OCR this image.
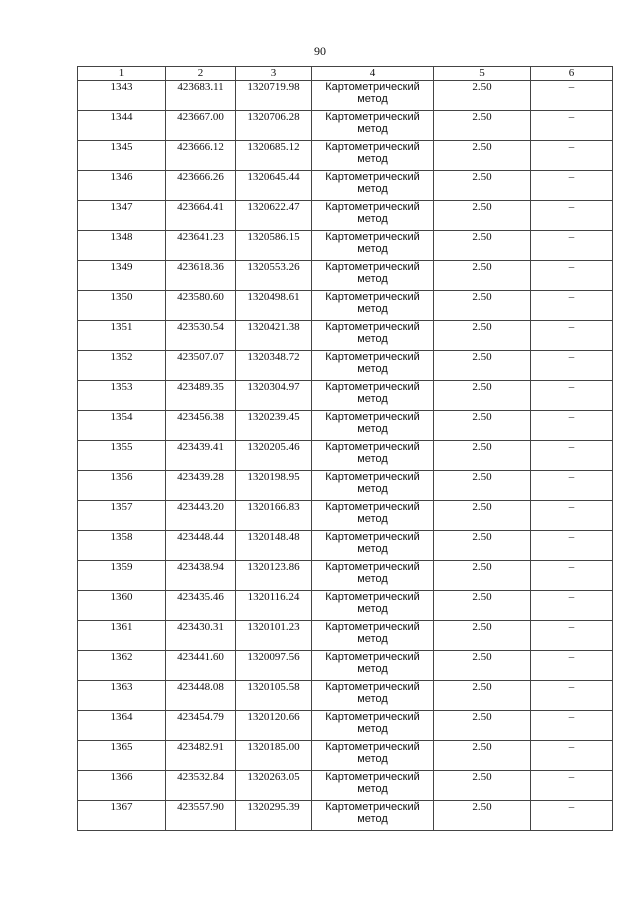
90
1	2	3	4	5	6
1343	423683.11	1320719.98	Картометрический метод	2.50	–
1344	423667.00	1320706.28	Картометрический метод	2.50	–
1345	423666.12	1320685.12	Картометрический метод	2.50	–
1346	423666.26	1320645.44	Картометрический метод	2.50	–
1347	423664.41	1320622.47	Картометрический метод	2.50	–
1348	423641.23	1320586.15	Картометрический метод	2.50	–
1349	423618.36	1320553.26	Картометрический метод	2.50	–
1350	423580.60	1320498.61	Картометрический метод	2.50	–
1351	423530.54	1320421.38	Картометрический метод	2.50	–
1352	423507.07	1320348.72	Картометрический метод	2.50	–
1353	423489.35	1320304.97	Картометрический метод	2.50	–
1354	423456.38	1320239.45	Картометрический метод	2.50	–
1355	423439.41	1320205.46	Картометрический метод	2.50	–
1356	423439.28	1320198.95	Картометрический метод	2.50	–
1357	423443.20	1320166.83	Картометрический метод	2.50	–
1358	423448.44	1320148.48	Картометрический метод	2.50	–
1359	423438.94	1320123.86	Картометрический метод	2.50	–
1360	423435.46	1320116.24	Картометрический метод	2.50	–
1361	423430.31	1320101.23	Картометрический метод	2.50	–
1362	423441.60	1320097.56	Картометрический метод	2.50	–
1363	423448.08	1320105.58	Картометрический метод	2.50	–
1364	423454.79	1320120.66	Картометрический метод	2.50	–
1365	423482.91	1320185.00	Картометрический метод	2.50	–
1366	423532.84	1320263.05	Картометрический метод	2.50	–
1367	423557.90	1320295.39	Картометрический метод	2.50	–
